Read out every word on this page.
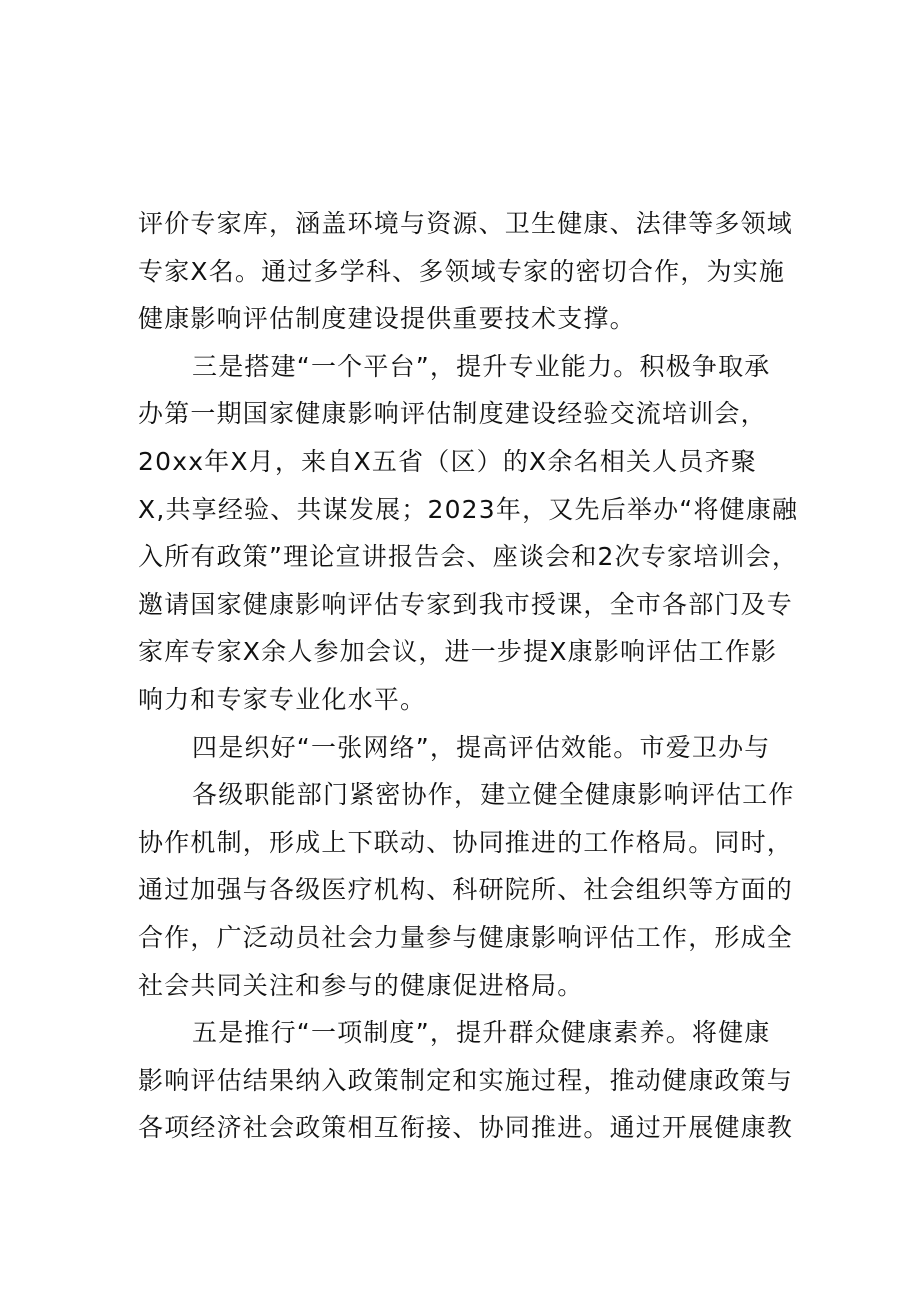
评价专家库，涵盖环境与资源、卫生健康、法律等多领域
专家X名。通过多学科、多领域专家的密切合作，为实施
健康影响评估制度建设提供重要技术支撑。
三是搭建“一个平台”，提升专业能力。积极争取承
办第一期国家健康影响评估制度建设经验交流培训会，
20xx年X月，来自X五省（区）的X余名相关人员齐聚
X,共享经验、共谋发展；2023年，又先后举办“将健康融
入所有政策”理论宣讲报告会、座谈会和2次专家培训会，
邀请国家健康影响评估专家到我市授课，全市各部门及专
家库专家X余人参加会议，进一步提X康影响评估工作影
响力和专家专业化水平。
四是织好“一张网络”，提高评估效能。市爱卫办与
各级职能部门紧密协作，建立健全健康影响评估工作
协作机制，形成上下联动、协同推进的工作格局。同时，
通过加强与各级医疗机构、科研院所、社会组织等方面的
合作，广泛动员社会力量参与健康影响评估工作，形成全
社会共同关注和参与的健康促进格局。
五是推行“一项制度”，提升群众健康素养。将健康
影响评估结果纳入政策制定和实施过程，推动健康政策与
各项经济社会政策相互衔接、协同推进。通过开展健康教
